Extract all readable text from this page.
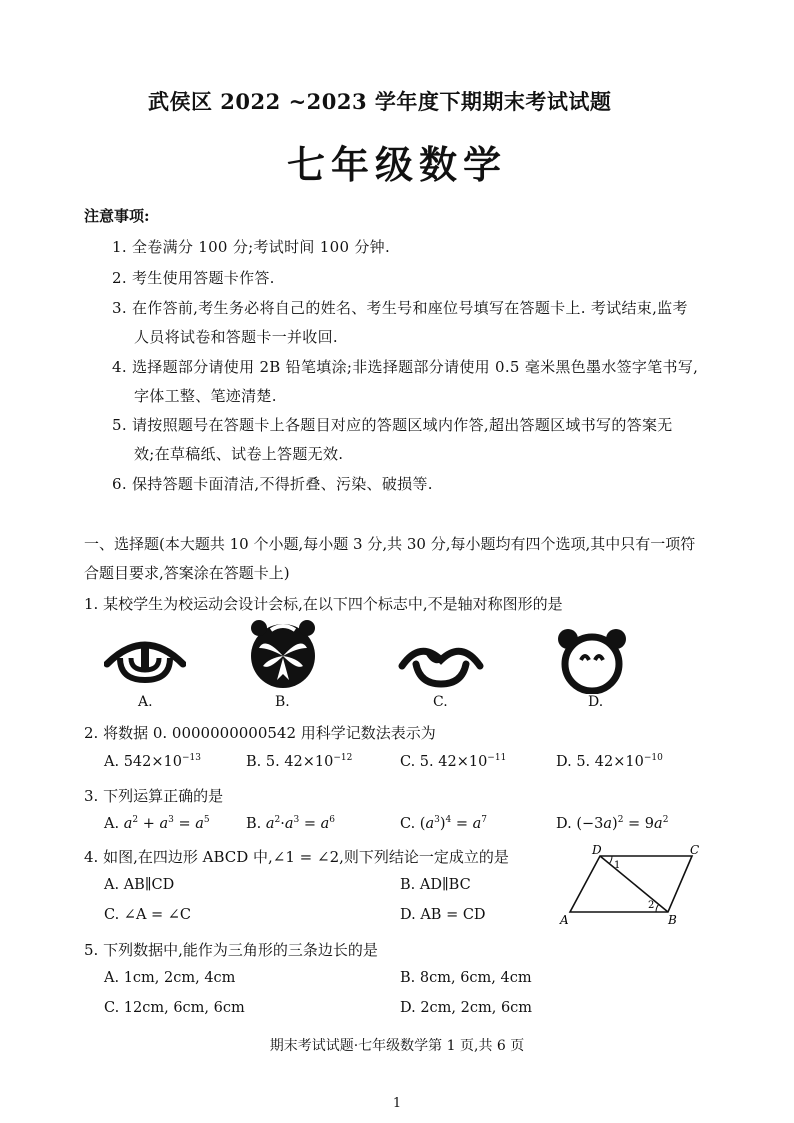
武侯区 2022 ~2023 学年度下期期末考试试题
七年级数学
注意事项:
1. 全卷满分 100 分;考试时间 100 分钟.
2. 考生使用答题卡作答.
3. 在作答前,考生务必将自己的姓名、考生号和座位号填写在答题卡上. 考试结束,监考
人员将试卷和答题卡一并收回.
4. 选择题部分请使用 2B 铅笔填涂;非选择题部分请使用 0.5 毫米黑色墨水签字笔书写,
字体工整、笔迹清楚.
5. 请按照题号在答题卡上各题目对应的答题区域内作答,超出答题区域书写的答案无
效;在草稿纸、试卷上答题无效.
6. 保持答题卡面清洁,不得折叠、污染、破损等.
一、选择题(本大题共 10 个小题,每小题 3 分,共 30 分,每小题均有四个选项,其中只有一项符
合题目要求,答案涂在答题卡上)
1. 某校学生为校运动会设计会标,在以下四个标志中,不是轴对称图形的是
A.	B.	C.	D.
2. 将数据 0. 0000000000542 用科学记数法表示为
A. $542\times 10^{-13}$	B. 5. $42\times 10^{-12}$	C. 5. $42\times 10^{-11}$	D. 5. $42\times 10^{-10}$
3. 下列运算正确的是
A. $a^2 + a^3 = a^5$	B. $a^2\cdot a^3 = a^6$	C. $(a^3)^4 = a^7$	D. $(-3a)^2 = 9a^2$
4. 如图,在四边形 ABCD 中,∠1 = ∠2,则下列结论一定成立的是
A. AB∥CD	B. AD∥BC
C. ∠A = ∠C	D. AB = CD
D	C
A	B
1
2
5. 下列数据中,能作为三角形的三条边长的是
A. 1cm, 2cm, 4cm	B. 8cm, 6cm, 4cm
C. 12cm, 6cm, 6cm	D. 2cm, 2cm, 6cm
期末考试试题·七年级数学第 1 页,共 6 页
1
